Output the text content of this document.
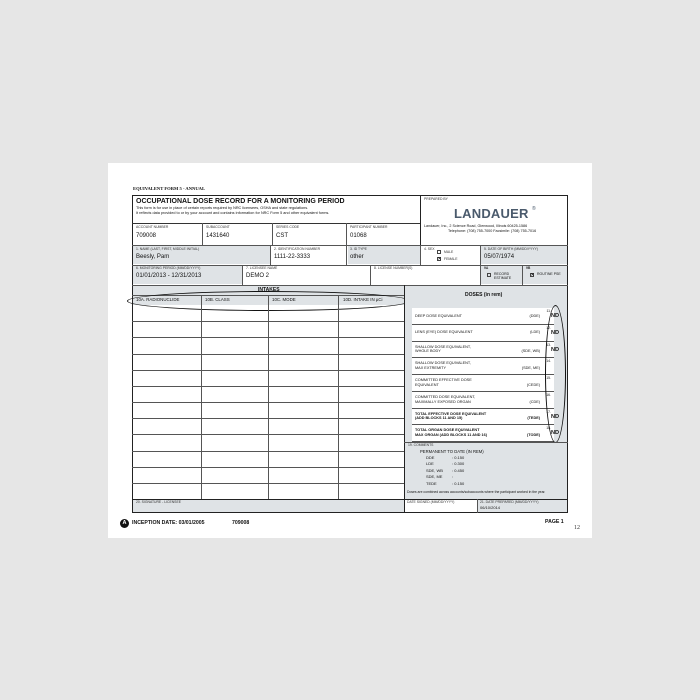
EQUIVALENT FORM 5 - ANNUAL
OCCUPATIONAL DOSE RECORD FOR A MONITORING PERIOD
This form is for use in place of certain reports required by NRC licensees, OSHA and state regulations.
It reflects data provided to or by your account and contains information for NRC Form 5 and other equivalent forms.
PREPARED BY
LANDAUER ®
Landauer, Inc., 2 Science Road, Glenwood, Illinois 60425-1586
Telephone: (708) 755-7000 Facsimile: (708) 755-7016
ACCOUNT NUMBER
709008
SUBACCOUNT
1431640
SERIES CODE
CST
PARTICIPANT NUMBER
01068
1. NAME (LAST, FIRST, MIDDLE INITIAL)
Beesly, Pam
2. IDENTIFICATION NUMBER
1111-22-3333
3. ID TYPE
other
4. SEX
MALE
✕ FEMALE
5. DATE OF BIRTH (MM/DD/YYYY)
05/07/1974
6. MONITORING PERIOD (MM/DD/YYYY)
01/01/2013 - 12/31/2013
7. LICENSEE NAME
DEMO 2
8. LICENSE NUMBER(S)	9A
RECORD ESTIMATE
9B
✕ ROUTINE PSE
INTAKES
10A. RADIONUCLIDE	10B. CLASS	10C. MODE	10D. INTAKE IN µCi
DOSES (in rem)
DEEP DOSE EQUIVALENT	(DDE)
11.
ND
LENS (EYE) DOSE EQUIVALENT	(LDE)
12.
ND
SHALLOW DOSE EQUIVALENT,
WHOLE BODY	(SDE, WB)
13.
ND
SHALLOW DOSE EQUIVALENT,
MAX EXTREMITY	(SDE, ME)
14.
COMMITTED EFFECTIVE DOSE
EQUIVALENT	(CEDE)
15.
COMMITTED DOSE EQUIVALENT,
MAXIMALLY EXPOSED ORGAN	(CDE)
16.
TOTAL EFFECTIVE DOSE EQUIVALENT
(ADD BLOCKS 11 AND 15)	(TEDE)
17.
ND
TOTAL ORGAN DOSE EQUIVALENT
MAX ORGAN (ADD BLOCKS 11 AND 16)	(TODE)
18.
ND
19. COMMENTS
PERMANENT TO DATE (IN REM)
DDE	: 0.150
LDE	: 0.300
SDE, WB : 0.450
SDE, ME :
TEDE	: 0.150
Doses are combined across accounts/subaccounts where the participant worked in the year.
20. SIGNATURE - LICENSEE	DATE SIGNED (MM/DD/YYYY)	21. DATE PREPARED (MM/DD/YYYY)
06/10/2014
A	INCEPTION DATE: 03/01/2005	709008	PAGE 1
12
